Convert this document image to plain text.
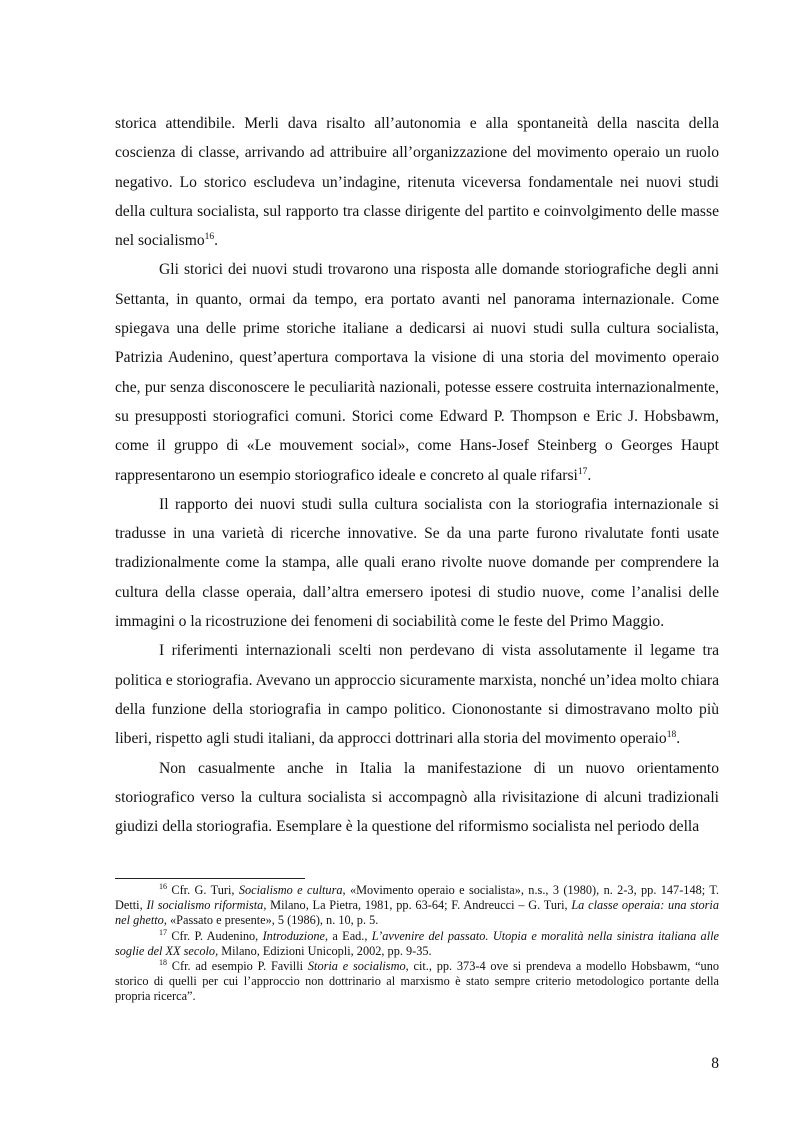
storica attendibile. Merli dava risalto all’autonomia e alla spontaneità della nascita della coscienza di classe, arrivando ad attribuire all’organizzazione del movimento operaio un ruolo negativo. Lo storico escludeva un’indagine, ritenuta viceversa fondamentale nei nuovi studi della cultura socialista, sul rapporto tra classe dirigente del partito e coinvolgimento delle masse nel socialismo$^{16}$.

Gli storici dei nuovi studi trovarono una risposta alle domande storiografiche degli anni Settanta, in quanto, ormai da tempo, era portato avanti nel panorama internazionale. Come spiegava una delle prime storiche italiane a dedicarsi ai nuovi studi sulla cultura socialista, Patrizia Audenino, quest’apertura comportava la visione di una storia del movimento operaio che, pur senza disconoscere le peculiarità nazionali, potesse essere costruita internazionalmente, su presupposti storiografici comuni. Storici come Edward P. Thompson e Eric J. Hobsbawm, come il gruppo di «Le mouvement social», come Hans-Josef Steinberg o Georges Haupt rappresentarono un esempio storiografico ideale e concreto al quale rifarsi$^{17}$.

Il rapporto dei nuovi studi sulla cultura socialista con la storiografia internazionale si tradusse in una varietà di ricerche innovative. Se da una parte furono rivalutate fonti usate tradizionalmente come la stampa, alle quali erano rivolte nuove domande per comprendere la cultura della classe operaia, dall’altra emersero ipotesi di studio nuove, come l’analisi delle immagini o la ricostruzione dei fenomeni di sociabilità come le feste del Primo Maggio.

I riferimenti internazionali scelti non perdevano di vista assolutamente il legame tra politica e storiografia. Avevano un approccio sicuramente marxista, nonché un’idea molto chiara della funzione della storiografia in campo politico. Ciononostante si dimostravano molto più liberi, rispetto agli studi italiani, da approcci dottrinari alla storia del movimento operaio$^{18}$.

Non casualmente anche in Italia la manifestazione di un nuovo orientamento storiografico verso la cultura socialista si accompagnò alla rivisitazione di alcuni tradizionali giudizi della storiografia. Esemplare è la questione del riformismo socialista nel periodo della

$^{16}$ Cfr. G. Turi, Socialismo e cultura, «Movimento operaio e socialista», n.s., 3 (1980), n. 2-3, pp. 147-148; T. Detti, Il socialismo riformista, Milano, La Pietra, 1981, pp. 63-64; F. Andreucci – G. Turi, La classe operaia: una storia nel ghetto, «Passato e presente», 5 (1986), n. 10, p. 5.

$^{17}$ Cfr. P. Audenino, Introduzione, a Ead., L’avvenire del passato. Utopia e moralità nella sinistra italiana alle soglie del XX secolo, Milano, Edizioni Unicopli, 2002, pp. 9-35.

$^{18}$ Cfr. ad esempio P. Favilli Storia e socialismo, cit., pp. 373-4 ove si prendeva a modello Hobsbawm, “uno storico di quelli per cui l’approccio non dottrinario al marxismo è stato sempre criterio metodologico portante della propria ricerca”.

8
